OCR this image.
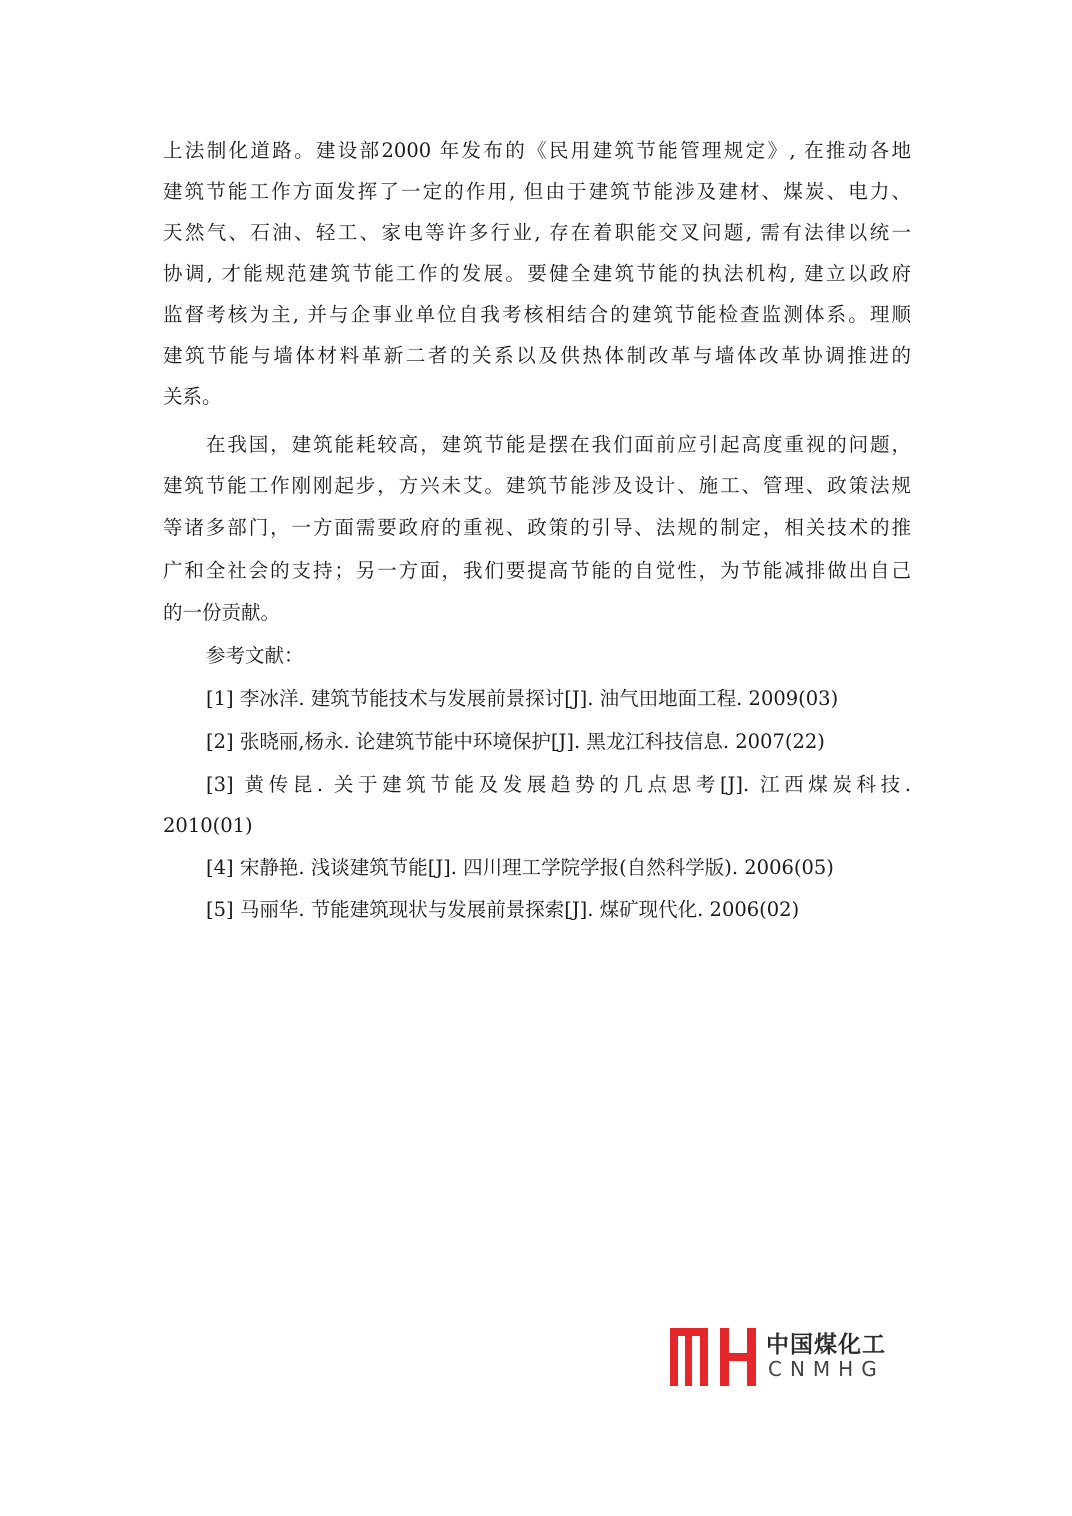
上法制化道路。建设部2000 年发布的《民用建筑节能管理规定》, 在推动各地
建筑节能工作方面发挥了一定的作用, 但由于建筑节能涉及建材、煤炭、电力、
天然气、石油、轻工、家电等许多行业, 存在着职能交叉问题, 需有法律以统一
协调, 才能规范建筑节能工作的发展。要健全建筑节能的执法机构, 建立以政府
监督考核为主, 并与企事业单位自我考核相结合的建筑节能检查监测体系。理顺
建筑节能与墙体材料革新二者的关系以及供热体制改革与墙体改革协调推进的
关系。
在我国，建筑能耗较高，建筑节能是摆在我们面前应引起高度重视的问题，
建筑节能工作刚刚起步，方兴未艾。建筑节能涉及设计、施工、管理、政策法规
等诸多部门，一方面需要政府的重视、政策的引导、法规的制定，相关技术的推
广和全社会的支持；另一方面，我们要提高节能的自觉性，为节能减排做出自己
的一份贡献。
参考文献：
[1] 李冰洋. 建筑节能技术与发展前景探讨[J]. 油气田地面工程. 2009(03)
[2] 张晓丽,杨永. 论建筑节能中环境保护[J]. 黑龙江科技信息. 2007(22)
[3] 黄传昆. 关于建筑节能及发展趋势的几点思考[J]. 江西煤炭科技.
2010(01)
[4] 宋静艳. 浅谈建筑节能[J]. 四川理工学院学报(自然科学版). 2006(05)
[5] 马丽华. 节能建筑现状与发展前景探索[J]. 煤矿现代化. 2006(02)
中国煤化工
CNMHG
